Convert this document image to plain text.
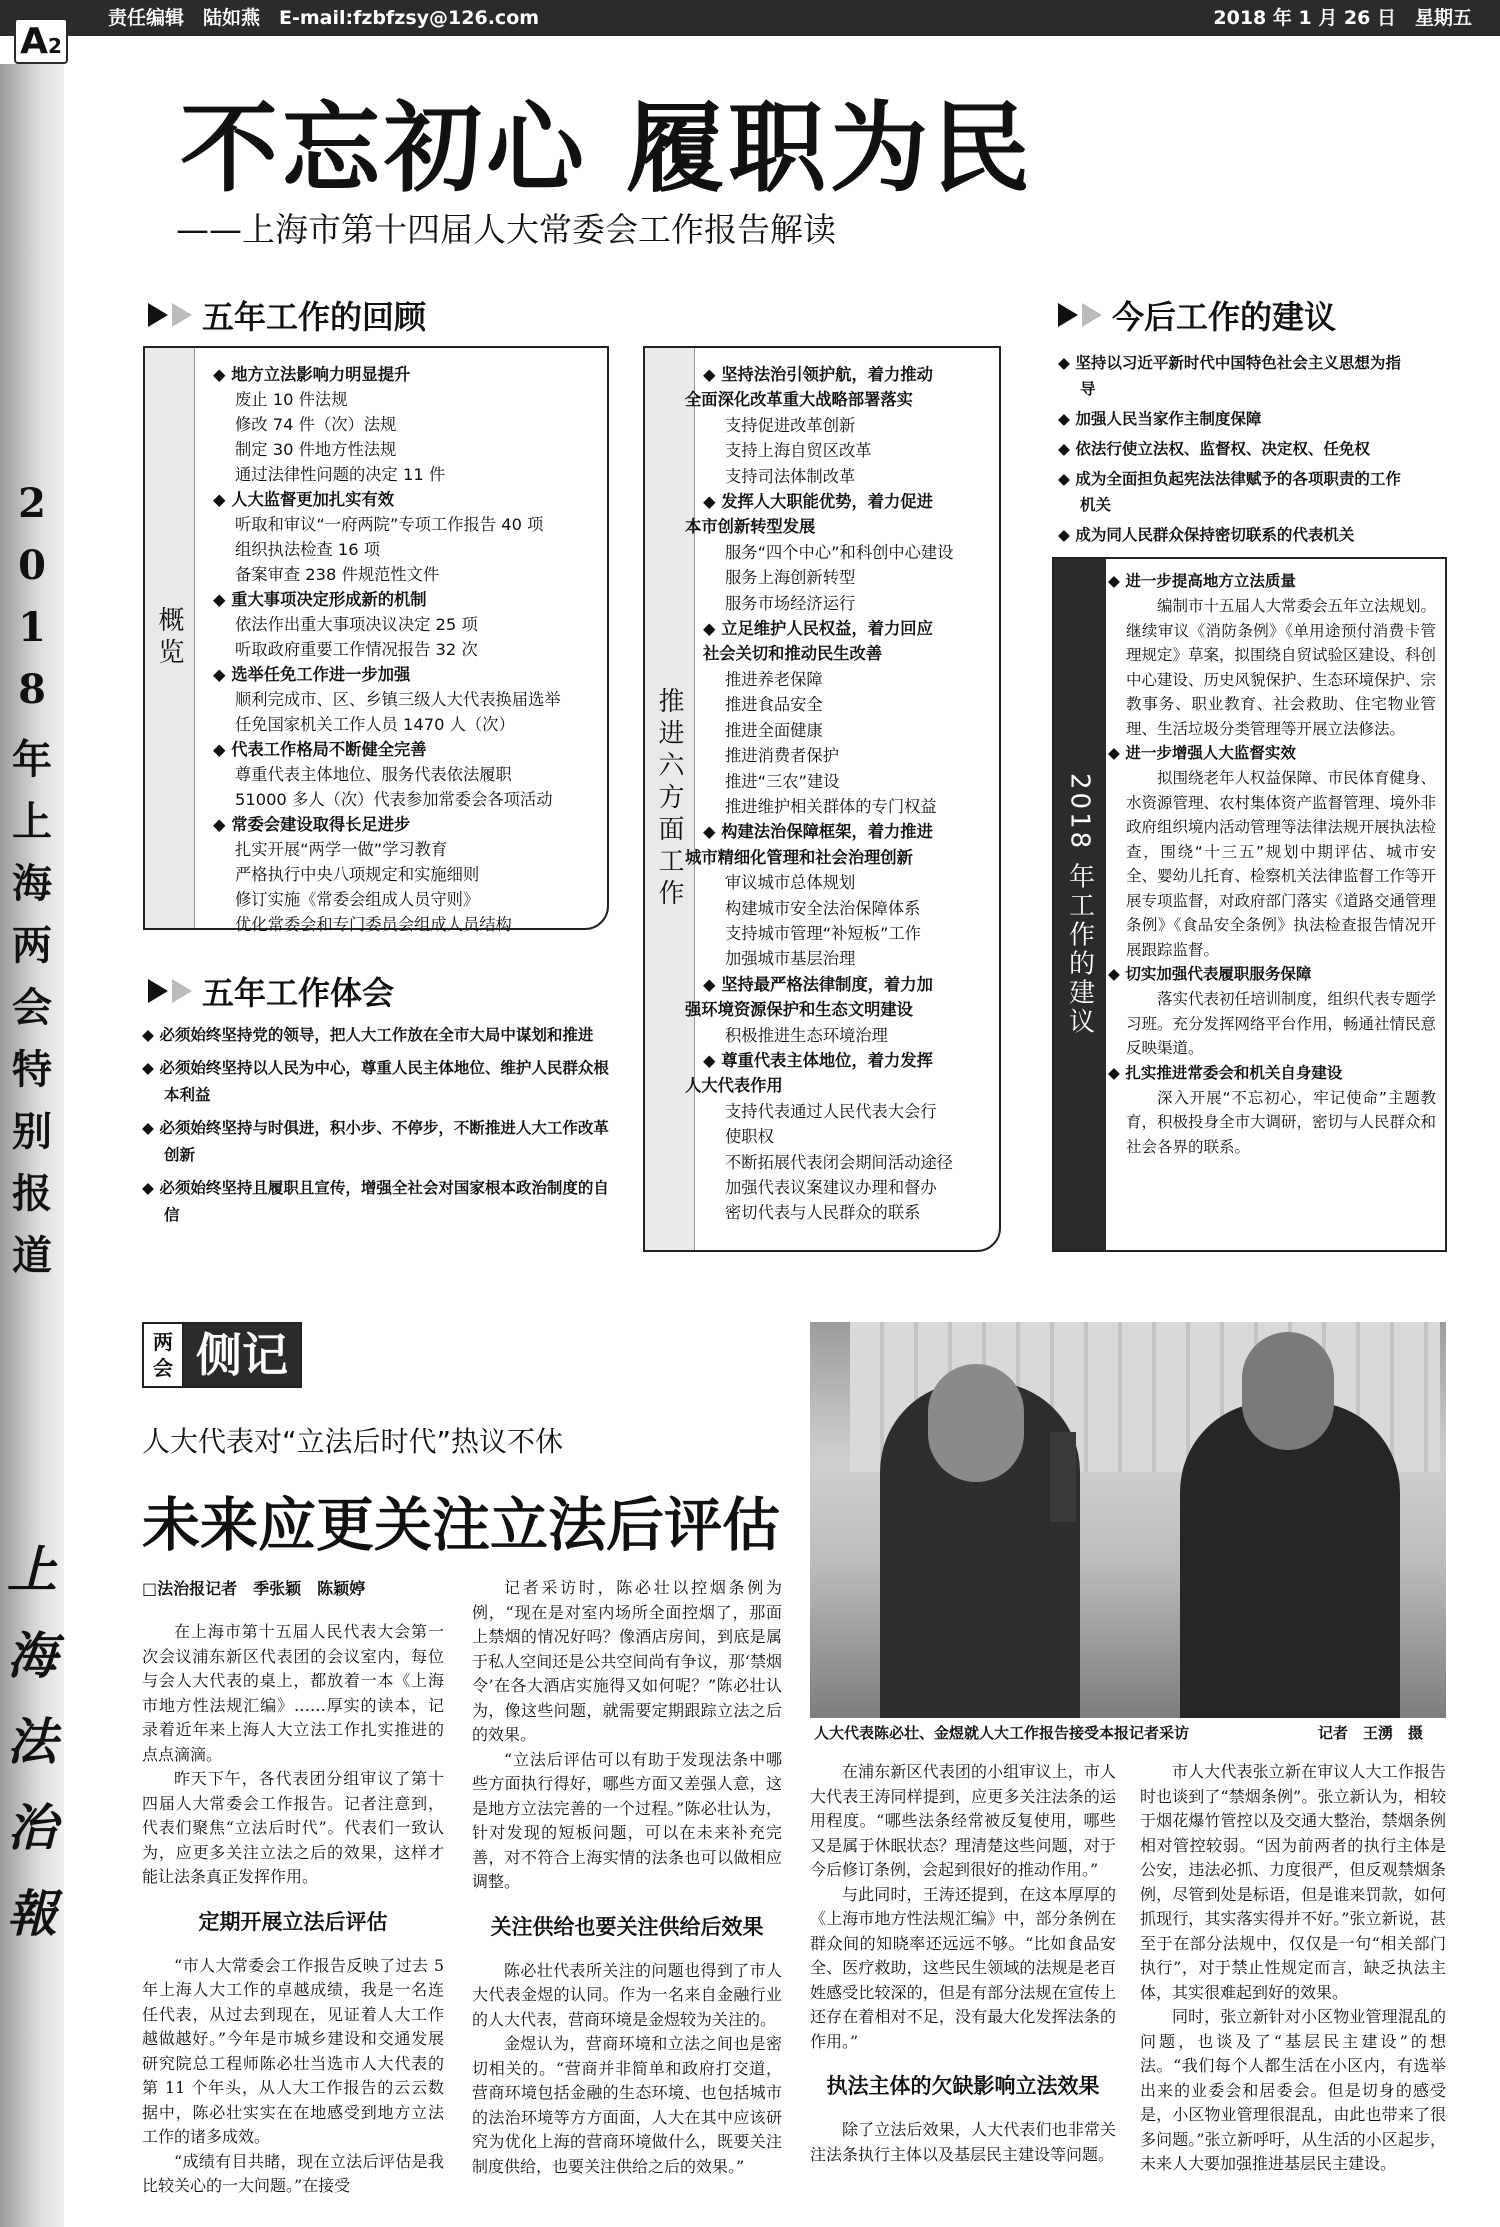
责任编辑　陆如燕　E-mail:fzbfzsy@126.com	2018 年 1 月 26 日　星期五
A2
2
0
1
8
年
上
海
两
会
特
别
报
道
上
海
法
治
報
不忘初心 履职为民
——上海市第十四届人大常委会工作报告解读
五年工作的回顾
概览
◆ 地方立法影响力明显提升
废止 10 件法规
修改 74 件（次）法规
制定 30 件地方性法规
通过法律性问题的决定 11 件
◆ 人大监督更加扎实有效
听取和审议“一府两院”专项工作报告 40 项
组织执法检查 16 项
备案审查 238 件规范性文件
◆ 重大事项决定形成新的机制
依法作出重大事项决议决定 25 项
听取政府重要工作情况报告 32 次
◆ 选举任免工作进一步加强
顺利完成市、区、乡镇三级人大代表换届选举
任免国家机关工作人员 1470 人（次）
◆ 代表工作格局不断健全完善
尊重代表主体地位、服务代表依法履职
51000 多人（次）代表参加常委会各项活动
◆ 常委会建设取得长足进步
扎实开展“两学一做”学习教育
严格执行中央八项规定和实施细则
修订实施《常委会组成人员守则》
优化常委会和专门委员会组成人员结构
推进六方面工作
◆ 坚持法治引领护航，着力推动
全面深化改革重大战略部署落实
支持促进改革创新
支持上海自贸区改革
支持司法体制改革
◆ 发挥人大职能优势，着力促进
本市创新转型发展
服务“四个中心”和科创中心建设
服务上海创新转型
服务市场经济运行
◆ 立足维护人民权益，着力回应
社会关切和推动民生改善
推进养老保障
推进食品安全
推进全面健康
推进消费者保护
推进“三农”建设
推进维护相关群体的专门权益
◆ 构建法治保障框架，着力推进
城市精细化管理和社会治理创新
审议城市总体规划
构建城市安全法治保障体系
支持城市管理“补短板”工作
加强城市基层治理
◆ 坚持最严格法律制度，着力加
强环境资源保护和生态文明建设
积极推进生态环境治理
◆ 尊重代表主体地位，着力发挥
人大代表作用
支持代表通过人民代表大会行
使职权
不断拓展代表闭会期间活动途径
加强代表议案建议办理和督办
密切代表与人民群众的联系
今后工作的建议
◆ 坚持以习近平新时代中国特色社会主义思想为指导
◆ 加强人民当家作主制度保障
◆ 依法行使立法权、监督权、决定权、任免权
◆ 成为全面担负起宪法法律赋予的各项职责的工作机关
◆ 成为同人民群众保持密切联系的代表机关
2018 年工作的建议
◆ 进一步提高地方立法质量
编制市十五届人大常委会五年立法规划。继续审议《消防条例》《单用途预付消费卡管理规定》草案，拟围绕自贸试验区建设、科创中心建设、历史风貌保护、生态环境保护、宗教事务、职业教育、社会救助、住宅物业管理、生活垃圾分类管理等开展立法修法。
◆ 进一步增强人大监督实效
拟围绕老年人权益保障、市民体育健身、水资源管理、农村集体资产监督管理、境外非政府组织境内活动管理等法律法规开展执法检查，围绕“十三五”规划中期评估、城市安全、婴幼儿托育、检察机关法律监督工作等开展专项监督，对政府部门落实《道路交通管理条例》《食品安全条例》执法检查报告情况开展跟踪监督。
◆ 切实加强代表履职服务保障
落实代表初任培训制度，组织代表专题学习班。充分发挥网络平台作用，畅通社情民意反映渠道。
◆ 扎实推进常委会和机关自身建设
深入开展“不忘初心，牢记使命”主题教育，积极投身全市大调研，密切与人民群众和社会各界的联系。
五年工作体会
◆ 必须始终坚持党的领导，把人大工作放在全市大局中谋划和推进
◆ 必须始终坚持以人民为中心，尊重人民主体地位、维护人民群众根本利益
◆ 必须始终坚持与时俱进，积小步、不停步，不断推进人大工作改革创新
◆ 必须始终坚持且履职且宣传，增强全社会对国家根本政治制度的自信
两
会 侧记
人大代表对“立法后时代”热议不休
未来应更关注立法后评估
□法治报记者　季张颖　陈颖婷
人大代表陈必壮、金煜就人大工作报告接受本报记者采访	记者　王湧　摄

在上海市第十五届人民代表大会第一次会议浦东新区代表团的会议室内，每位与会人大代表的桌上，都放着一本《上海市地方性法规汇编》……厚实的读本，记录着近年来上海人大立法工作扎实推进的点点滴滴。

昨天下午，各代表团分组审议了第十四届人大常委会工作报告。记者注意到，代表们聚焦“立法后时代”。代表们一致认为，应更多关注立法之后的效果，这样才能让法条真正发挥作用。

定期开展立法后评估

“市人大常委会工作报告反映了过去 5 年上海人大工作的卓越成绩，我是一名连任代表，从过去到现在，见证着人大工作越做越好。”今年是市城乡建设和交通发展研究院总工程师陈必壮当选市人大代表的第 11 个年头，从人大工作报告的云云数据中，陈必壮实实在在地感受到地方立法工作的诸多成效。

“成绩有目共睹，现在立法后评估是我比较关心的一大问题。”在接受

记者采访时，陈必壮以控烟条例为例，“现在是对室内场所全面控烟了，那面上禁烟的情况好吗？像酒店房间，到底是属于私人空间还是公共空间尚有争议，那‘禁烟令’在各大酒店实施得又如何呢？”陈必壮认为，像这些问题，就需要定期跟踪立法之后的效果。

“立法后评估可以有助于发现法条中哪些方面执行得好，哪些方面又差强人意，这是地方立法完善的一个过程。”陈必壮认为，针对发现的短板问题，可以在未来补充完善，对不符合上海实情的法条也可以做相应调整。

关注供给也要关注供给后效果

陈必壮代表所关注的问题也得到了市人大代表金煜的认同。作为一名来自金融行业的人大代表，营商环境是金煜较为关注的。

金煜认为，营商环境和立法之间也是密切相关的。“营商并非简单和政府打交道，营商环境包括金融的生态环境、也包括城市的法治环境等方方面面，人大在其中应该研究为优化上海的营商环境做什么，既要关注制度供给，也要关注供给之后的效果。”

在浦东新区代表团的小组审议上，市人大代表王涛同样提到，应更多关注法条的运用程度。“哪些法条经常被反复使用，哪些又是属于休眠状态？理清楚这些问题，对于今后修订条例，会起到很好的推动作用。”

与此同时，王涛还提到，在这本厚厚的《上海市地方性法规汇编》中，部分条例在群众间的知晓率还远远不够。“比如食品安全、医疗救助，这些民生领域的法规是老百姓感受比较深的，但是有部分法规在宣传上还存在着相对不足，没有最大化发挥法条的作用。”

执法主体的欠缺影响立法效果

除了立法后效果，人大代表们也非常关注法条执行主体以及基层民主建设等问题。

市人大代表张立新在审议人大工作报告时也谈到了“禁烟条例”。张立新认为，相较于烟花爆竹管控以及交通大整治，禁烟条例相对管控较弱。“因为前两者的执行主体是公安，违法必抓、力度很严，但反观禁烟条例，尽管到处是标语，但是谁来罚款，如何抓现行，其实落实得并不好。”张立新说，甚至于在部分法规中，仅仅是一句“相关部门执行”，对于禁止性规定而言，缺乏执法主体，其实很难起到好的效果。

同时，张立新针对小区物业管理混乱的问题，也谈及了“基层民主建设”的想法。“我们每个人都生活在小区内，有选举出来的业委会和居委会。但是切身的感受是，小区物业管理很混乱，由此也带来了很多问题。”张立新呼吁，从生活的小区起步，未来人大要加强推进基层民主建设。
